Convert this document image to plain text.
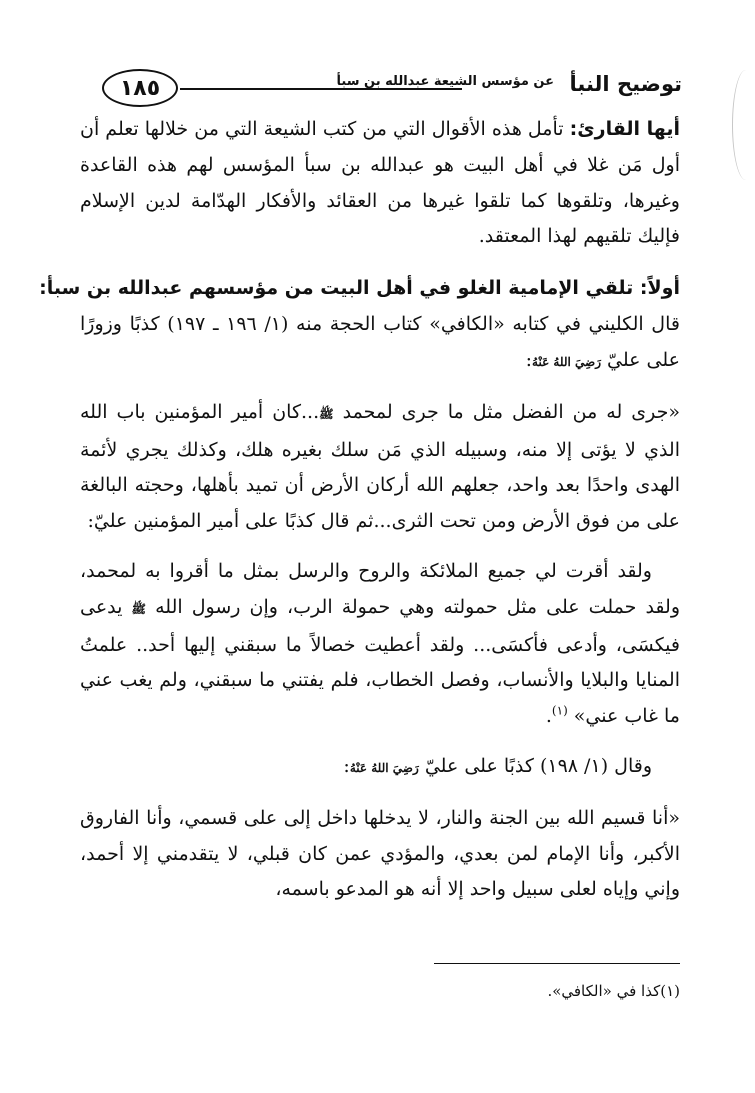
توضيح النبأ
عن مؤسس الشيعة عبدالله بن سبأ
١٨٥

أيها القارئ: تأمل هذه الأقوال التي من كتب الشيعة التي من خلالها تعلم أن أول مَن غلا في أهل البيت هو عبدالله بن سبأ المؤسس لهم هذه القاعدة وغيرها، وتلقوها كما تلقوا غيرها من العقائد والأفكار الهدّامة لدين الإسلام فإليك تلقيهم لهذا المعتقد.

أولاً: تلقي الإمامية الغلو في أهل البيت من مؤسسهم عبدالله بن سبأ:

قال الكليني في كتابه «الكافي» كتاب الحجة منه (١/ ١٩٦ ـ ١٩٧) كذبًا وزورًا على عليّ رَضِيَ اللهُ عَنْهُ:

«جرى له من الفضل مثل ما جرى لمحمد ﷺ...كان أمير المؤمنين باب الله الذي لا يؤتى إلا منه، وسبيله الذي مَن سلك بغيره هلك، وكذلك يجري لأئمة الهدى واحدًا بعد واحد، جعلهم الله أركان الأرض أن تميد بأهلها، وحجته البالغة على من فوق الأرض ومن تحت الثرى...ثم قال كذبًا على أمير المؤمنين عليّ:

ولقد أقرت لي جميع الملائكة والروح والرسل بمثل ما أقروا به لمحمد، ولقد حملت على مثل حمولته وهي حمولة الرب، وإن رسول الله ﷺ يدعى فيكسَى، وأدعى فأكسَى... ولقد أعطيت خصالاً ما سبقني إليها أحد.. علمتُ المنايا والبلايا والأنساب، وفصل الخطاب، فلم يفتني ما سبقني، ولم يغب عني ما غاب عني» $^{(١)}$.

وقال (١/ ١٩٨) كذبًا على عليّ رَضِيَ اللهُ عَنْهُ:

«أنا قسيم الله بين الجنة والنار، لا يدخلها داخل إلى على قسمي، وأنا الفاروق الأكبر، وأنا الإمام لمن بعدي، والمؤدي عمن كان قبلي، لا يتقدمني إلا أحمد، وإني وإياه لعلى سبيل واحد إلا أنه هو المدعو باسمه،

(١)كذا في «الكافي».
